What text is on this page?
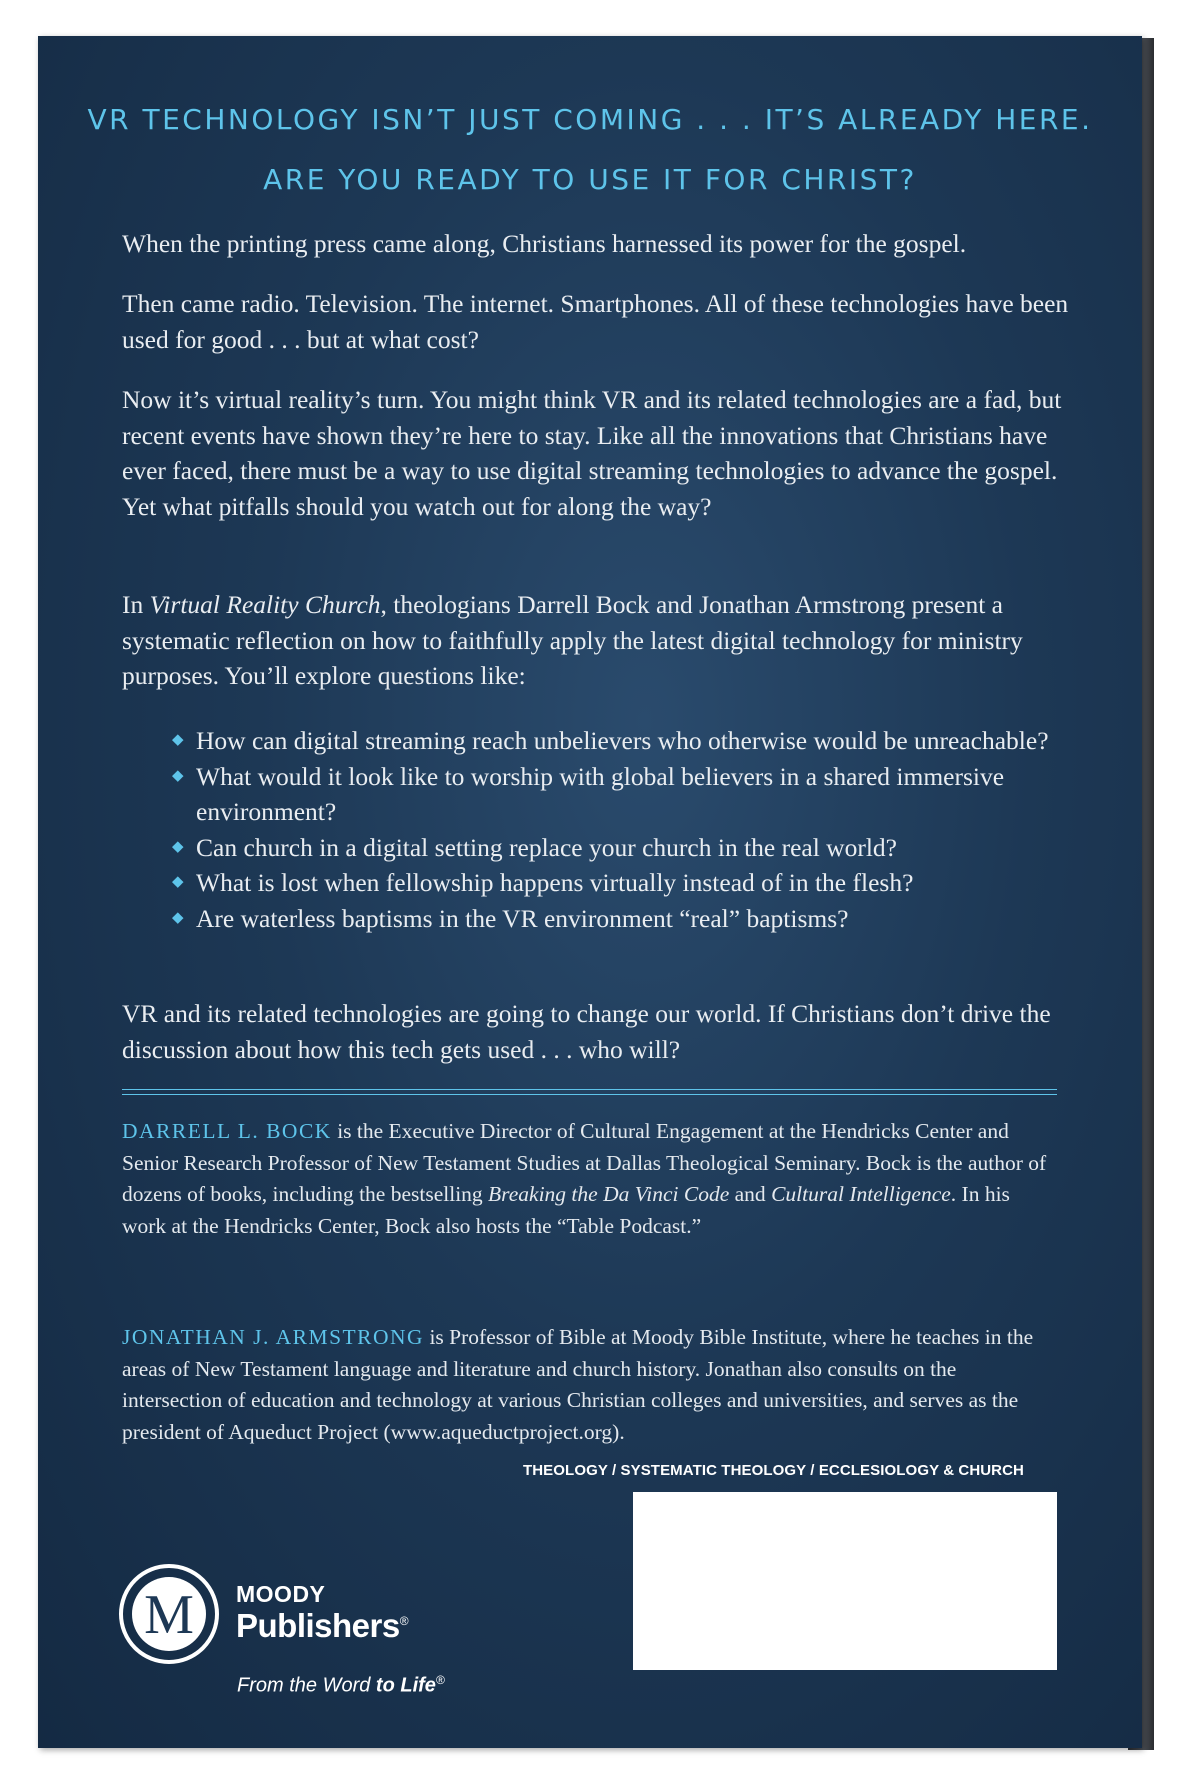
VR TECHNOLOGY ISN’T JUST COMING . . . IT’S ALREADY HERE.
ARE YOU READY TO USE IT FOR CHRIST?

When the printing press came along, Christians harnessed its power for the gospel.

Then came radio. Television. The internet. Smartphones. All of these technologies have been used for good . . . but at what cost?

Now it’s virtual reality’s turn. You might think VR and its related technologies are a fad, but recent events have shown they’re here to stay. Like all the innovations that Christians have ever faced, there must be a way to use digital streaming technologies to advance the gospel. Yet what pitfalls should you watch out for along the way?

In Virtual Reality Church, theologians Darrell Bock and Jonathan Armstrong present a systematic reflection on how to faithfully apply the latest digital technology for ministry purposes. You’ll explore questions like:

◆ How can digital streaming reach unbelievers who otherwise would be unreachable?
◆ What would it look like to worship with global believers in a shared immersive environment?
◆ Can church in a digital setting replace your church in the real world?
◆ What is lost when fellowship happens virtually instead of in the flesh?
◆ Are waterless baptisms in the VR environment “real” baptisms?

VR and its related technologies are going to change our world. If Christians don’t drive the discussion about how this tech gets used . . . who will?

DARRELL L. BOCK is the Executive Director of Cultural Engagement at the Hendricks Center and Senior Research Professor of New Testament Studies at Dallas Theological Seminary. Bock is the author of dozens of books, including the bestselling Breaking the Da Vinci Code and Cultural Intelligence. In his work at the Hendricks Center, Bock also hosts the “Table Podcast.”

JONATHAN J. ARMSTRONG is Professor of Bible at Moody Bible Institute, where he teaches in the areas of New Testament language and literature and church history. Jonathan also consults on the intersection of education and technology at various Christian colleges and universities, and serves as the president of Aqueduct Project (www.aqueductproject.org).

THEOLOGY / SYSTEMATIC THEOLOGY / ECCLESIOLOGY & CHURCH
M MOODY
Publishers®
From the Word to Life®
